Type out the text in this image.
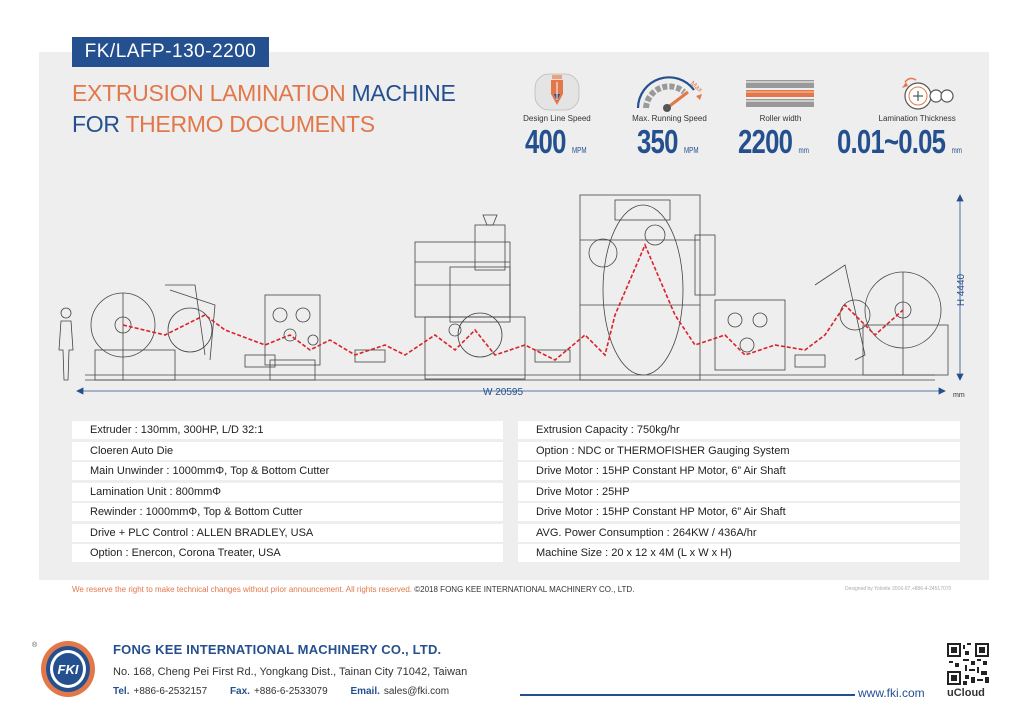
FK/LAFP-130-2200
EXTRUSION LAMINATION MACHINE
FOR THERMO DOCUMENTS	Design Line Speed
400 MPM
Max
Max. Running Speed
350 MPM
Roller width
2200 mm
Lamination Thickness
0.01~0.05 mm
W 20595
H 4440
mm
Extruder : 130mm, 300HP, L/D 32:1	Extrusion Capacity : 750kg/hr
Cloeren Auto Die	Option : NDC or THERMOFISHER Gauging System
Main Unwinder : 1000mmΦ, Top & Bottom Cutter	Drive Motor : 15HP Constant HP Motor, 6” Air Shaft
Lamination Unit : 800mmΦ	Drive Motor : 25HP
Rewinder : 1000mmΦ, Top & Bottom Cutter	Drive Motor : 15HP Constant HP Motor, 6” Air Shaft
Drive + PLC Control : ALLEN BRADLEY, USA	AVG. Power Consumption : 264KW / 436A/hr
Option : Enercon, Corona Treater, USA	Machine Size : 20 x 12 x 4M (L x W x H)
We reserve the right to make technical changes without prior announcement. All rights reserved. ©2018 FONG KEE INTERNATIONAL MACHINERY CO., LTD.	Designed by Yolorite 2016-07,+886-4-24517070
®
FKI
FONG KEE INTERNATIONAL MACHINERY CO., LTD.
No. 168, Cheng Pei First Rd., Yongkang Dist., Tainan City 71042, Taiwan
Tel. +886-6-2532157 Fax. +886-6-2533079 Email. sales@fki.com	www.fki.com uCloud
